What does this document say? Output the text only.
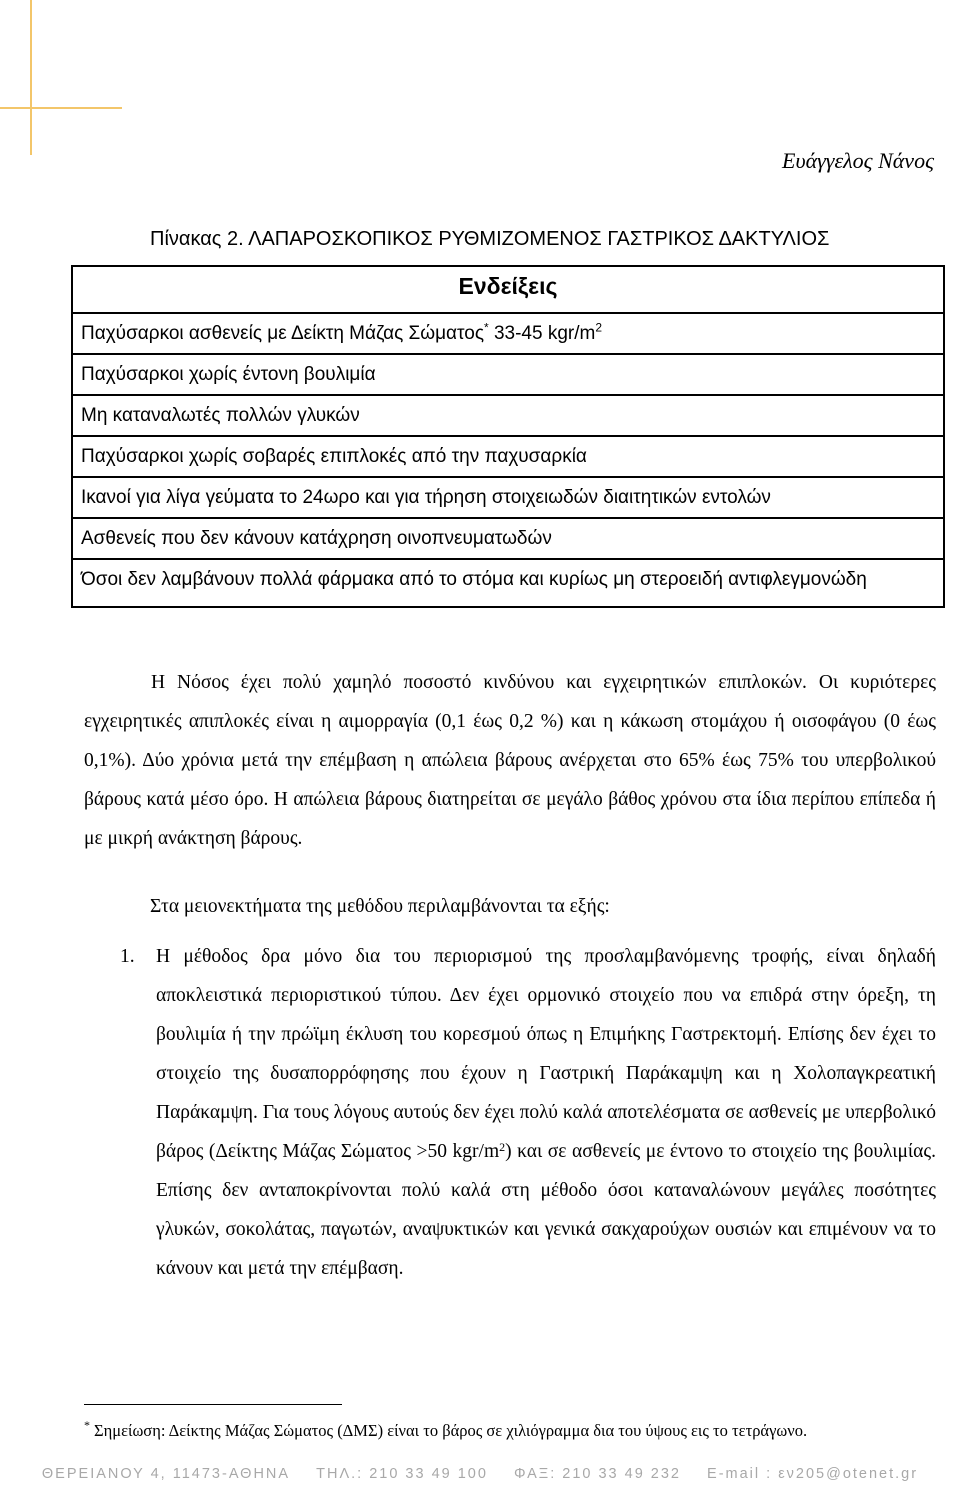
Ευάγγελος Νάνος
Πίνακας 2. ΛΑΠΑΡΟΣΚΟΠΙΚΟΣ ΡΥΘΜΙΖΟΜΕΝΟΣ ΓΑΣΤΡΙΚΟΣ ΔΑΚΤΥΛΙΟΣ
Ενδείξεις
Παχύσαρκοι ασθενείς με Δείκτη Μάζας Σώματος* 33-45 kgr/$m^2$
Παχύσαρκοι χωρίς έντονη βουλιμία
Μη καταναλωτές πολλών γλυκών
Παχύσαρκοι χωρίς σοβαρές επιπλοκές από την παχυσαρκία
Ικανοί για λίγα γεύματα το 24ωρο και για τήρηση στοιχειωδών διαιτητικών εντολών
Ασθενείς που δεν κάνουν κατάχρηση οινοπνευματωδών
Όσοι δεν λαμβάνουν πολλά φάρμακα από το στόμα και κυρίως μη στεροειδή αντιφλεγμονώδη
Η Νόσος έχει πολύ χαμηλό ποσοστό κινδύνου και εγχειρητικών επιπλοκών. Οι κυριότερες εγχειρητικές απιπλοκές είναι η αιμορραγία (0,1 έως 0,2 %) και η κάκωση στομάχου ή οισοφάγου (0 έως 0,1%). Δύο χρόνια μετά την επέμβαση η απώλεια βάρους ανέρχεται στο 65% έως 75% του υπερβολικού βάρους κατά μέσο όρο. Η απώλεια βάρους διατηρείται σε μεγάλο βάθος χρόνου στα ίδια περίπου επίπεδα ή με μικρή ανάκτηση βάρους.
Στα μειονεκτήματα της μεθόδου περιλαμβάνονται τα εξής:
1. Η μέθοδος δρα μόνο δια του περιορισμού της προσλαμβανόμενης τροφής, είναι δηλαδή αποκλειστικά περιοριστικού τύπου. Δεν έχει ορμονικό στοιχείο που να επιδρά στην όρεξη, τη βουλιμία ή την πρώϊμη έκλυση του κορεσμού όπως η Επιμήκης Γαστρεκτομή. Επίσης δεν έχει το στοιχείο της δυσαπορρόφησης που έχουν η Γαστρική Παράκαμψη και η Χολοπαγκρεατική Παράκαμψη. Για τους λόγους αυτούς δεν έχει πολύ καλά αποτελέσματα σε ασθενείς με υπερβολικό βάρος (Δείκτης Μάζας Σώματος >50 kgr/$m^2$) και σε ασθενείς με έντονο το στοιχείο της βουλιμίας. Επίσης δεν ανταποκρίνονται πολύ καλά στη μέθοδο όσοι καταναλώνουν μεγάλες ποσότητες γλυκών, σοκολάτας, παγωτών, αναψυκτικών και γενικά σακχαρούχων ουσιών και επιμένουν να το κάνουν και μετά την επέμβαση.
* Σημείωση: Δείκτης Μάζας Σώματος (ΔΜΣ) είναι το βάρος σε χιλιόγραμμα δια του ύψους εις το τετράγωνο.
ΘΕΡΕΙΑΝΟΥ 4, 11473-ΑΘΗΝΑ ΤΗΛ.: 210 33 49 100 ΦΑΞ: 210 33 49 232 E-mail : εν205@otenet.gr
